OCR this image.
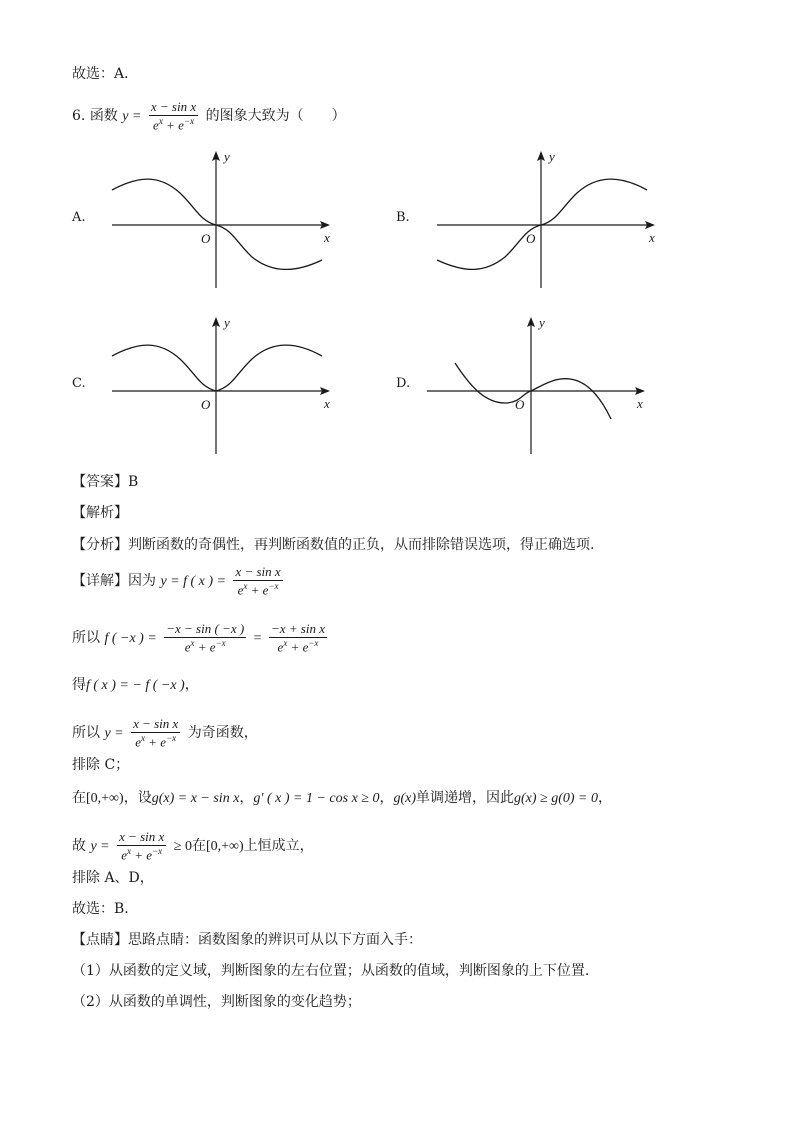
故选：A．
6. 函数 $y = \frac{\text{x − sin x}}{e^x + e^{-x}}$ 的图象大致为（　　）
A.
x
y
O
B.
x
y
O
C.
x
y
O
D.
x
y
O
【答案】B
【解析】
【分析】判断函数的奇偶性，再判断函数值的正负，从而排除错误选项，得正确选项.
【详解】因为 y = f ( x ) = $\frac{\text{x − sin x}}{e^x + e^{-x}}$
所以 f ( −x ) = $\frac{-x - \sin ( -x )}{e^x + e^{-x}} = \frac{\text{−x + sin x}}{e^x + e^{-x}}$
得f ( x ) = − f ( −x )，
所以 $y = \frac{\text{x − sin x}}{e^x + e^{-x}}$ 为奇函数，
排除 C；
在[0,+∞)，设g(x) = x − sin x，g′ ( x ) = 1 − cos x ≥ 0，g(x)单调递增，因此g(x) ≥ g(0) = 0，
故 $y = \frac{\text{x − sin x}}{e^x + e^{-x}} \ge 0$在[0,+∞)上恒成立，
排除 A、D，
故选：B.
【点睛】思路点睛：函数图象的辨识可从以下方面入手：
（1）从函数的定义域，判断图象的左右位置；从函数的值域，判断图象的上下位置.
（2）从函数的单调性，判断图象的变化趋势；
